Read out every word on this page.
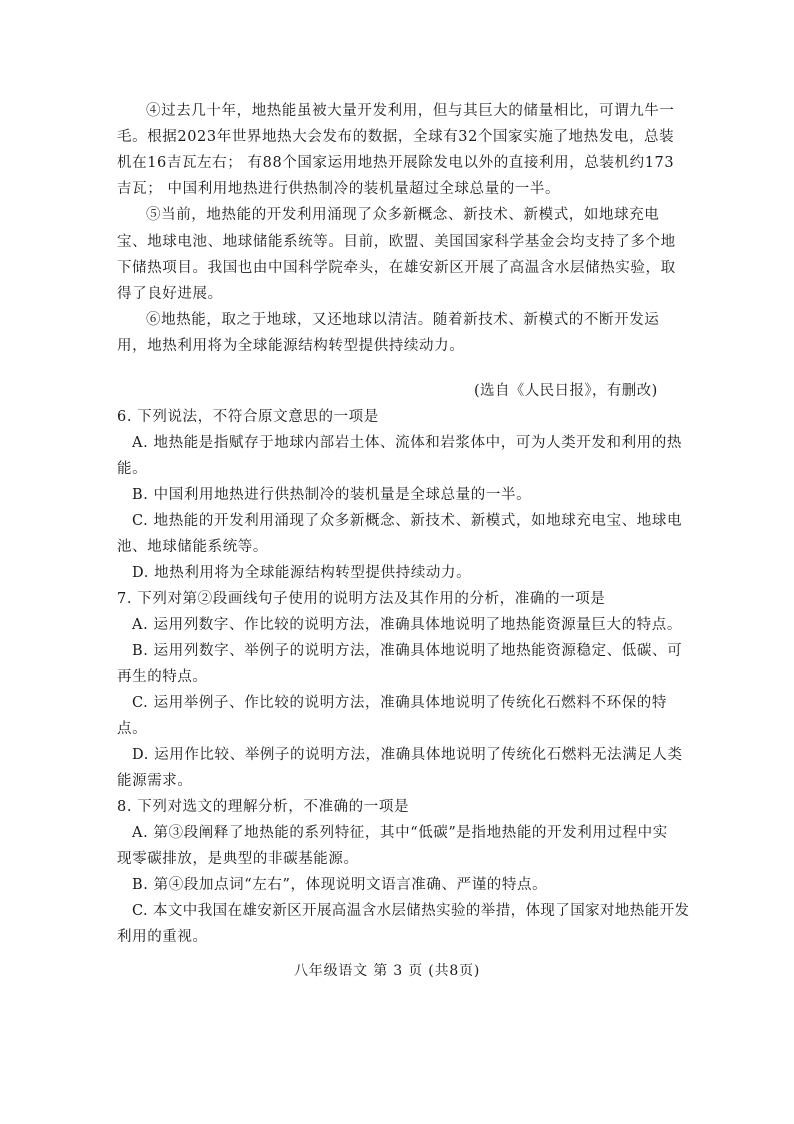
④过去几十年，地热能虽被大量开发利用，但与其巨大的储量相比，可谓九牛一
毛。根据2023年世界地热大会发布的数据，全球有32个国家实施了地热发电，总装
机在16吉瓦左右； 有88个国家运用地热开展除发电以外的直接利用，总装机约173
吉瓦； 中国利用地热进行供热制冷的装机量超过全球总量的一半。
⑤当前，地热能的开发利用涌现了众多新概念、新技术、新模式，如地球充电
宝、地球电池、地球储能系统等。目前，欧盟、美国国家科学基金会均支持了多个地
下储热项目。我国也由中国科学院牵头，在雄安新区开展了高温含水层储热实验，取
得了良好进展。
⑥地热能，取之于地球，又还地球以清洁。随着新技术、新模式的不断开发运
用，地热利用将为全球能源结构转型提供持续动力。
(选自《人民日报》，有删改)
6. 下列说法，不符合原文意思的一项是
A. 地热能是指赋存于地球内部岩土体、流体和岩浆体中，可为人类开发和利用的热
能。
B. 中国利用地热进行供热制冷的装机量是全球总量的一半。
C. 地热能的开发利用涌现了众多新概念、新技术、新模式，如地球充电宝、地球电
池、地球储能系统等。
D. 地热利用将为全球能源结构转型提供持续动力。
7. 下列对第②段画线句子使用的说明方法及其作用的分析，准确的一项是
A. 运用列数字、作比较的说明方法，准确具体地说明了地热能资源量巨大的特点。
B. 运用列数字、举例子的说明方法，准确具体地说明了地热能资源稳定、低碳、可
再生的特点。
C. 运用举例子、作比较的说明方法，准确具体地说明了传统化石燃料不环保的特
点。
D. 运用作比较、举例子的说明方法，准确具体地说明了传统化石燃料无法满足人类
能源需求。
8. 下列对选文的理解分析，不准确的一项是
A. 第③段阐释了地热能的系列特征，其中“低碳”是指地热能的开发利用过程中实
现零碳排放，是典型的非碳基能源。
B. 第④段加点词“左右”，体现说明文语言准确、严谨的特点。
C. 本文中我国在雄安新区开展高温含水层储热实验的举措，体现了国家对地热能开发
利用的重视。
八年级语文 第 3 页 (共8页)
